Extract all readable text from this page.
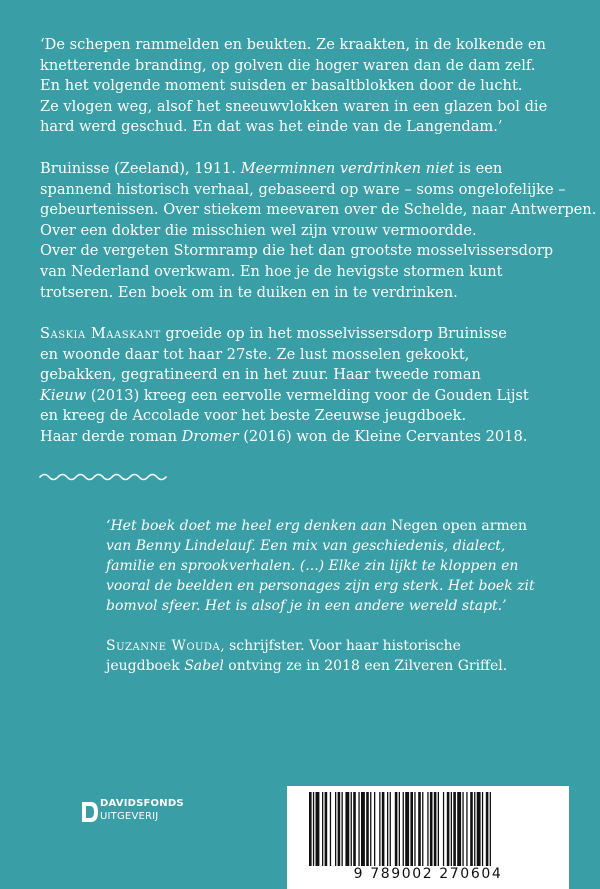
‘De schepen rammelden en beukten. Ze kraakten, in de kolkende en
knetterende branding, op golven die hoger waren dan de dam zelf.
En het volgende moment suisden er basaltblokken door de lucht.
Ze vlogen weg, alsof het sneeuwvlokken waren in een glazen bol die
hard werd geschud. En dat was het einde van de Langendam.’

Bruinisse (Zeeland), 1911. Meerminnen verdrinken niet is een
spannend historisch verhaal, gebaseerd op ware – soms ongelofelijke –
gebeurtenissen. Over stiekem meevaren over de Schelde, naar Antwerpen.
Over een dokter die misschien wel zijn vrouw vermoordde.
Over de vergeten Stormramp die het dan grootste mosselvissersdorp
van Nederland overkwam. En hoe je de hevigste stormen kunt
trotseren. Een boek om in te duiken en in te verdrinken.

Saskia Maaskant groeide op in het mosselvissersdorp Bruinisse
en woonde daar tot haar 27ste. Ze lust mosselen gekookt,
gebakken, gegratineerd en in het zuur. Haar tweede roman
Kieuw (2013) kreeg een eervolle vermelding voor de Gouden Lijst
en kreeg de Accolade voor het beste Zeeuwse jeugdboek.
Haar derde roman Dromer (2016) won de Kleine Cervantes 2018.

‘Het boek doet me heel erg denken aan Negen open armen
van Benny Lindelauf. Een mix van geschiedenis, dialect,
familie en sprookverhalen. (...) Elke zin lijkt te kloppen en
vooral de beelden en personages zijn erg sterk. Het boek zit
bomvol sfeer. Het is alsof je in een andere wereld stapt.’

Suzanne Wouda, schrijfster. Voor haar historische
jeugdboek Sabel ontving ze in 2018 een Zilveren Griffel.

DAVIDSFONDS
UITGEVERIJ
9 789002 270604
